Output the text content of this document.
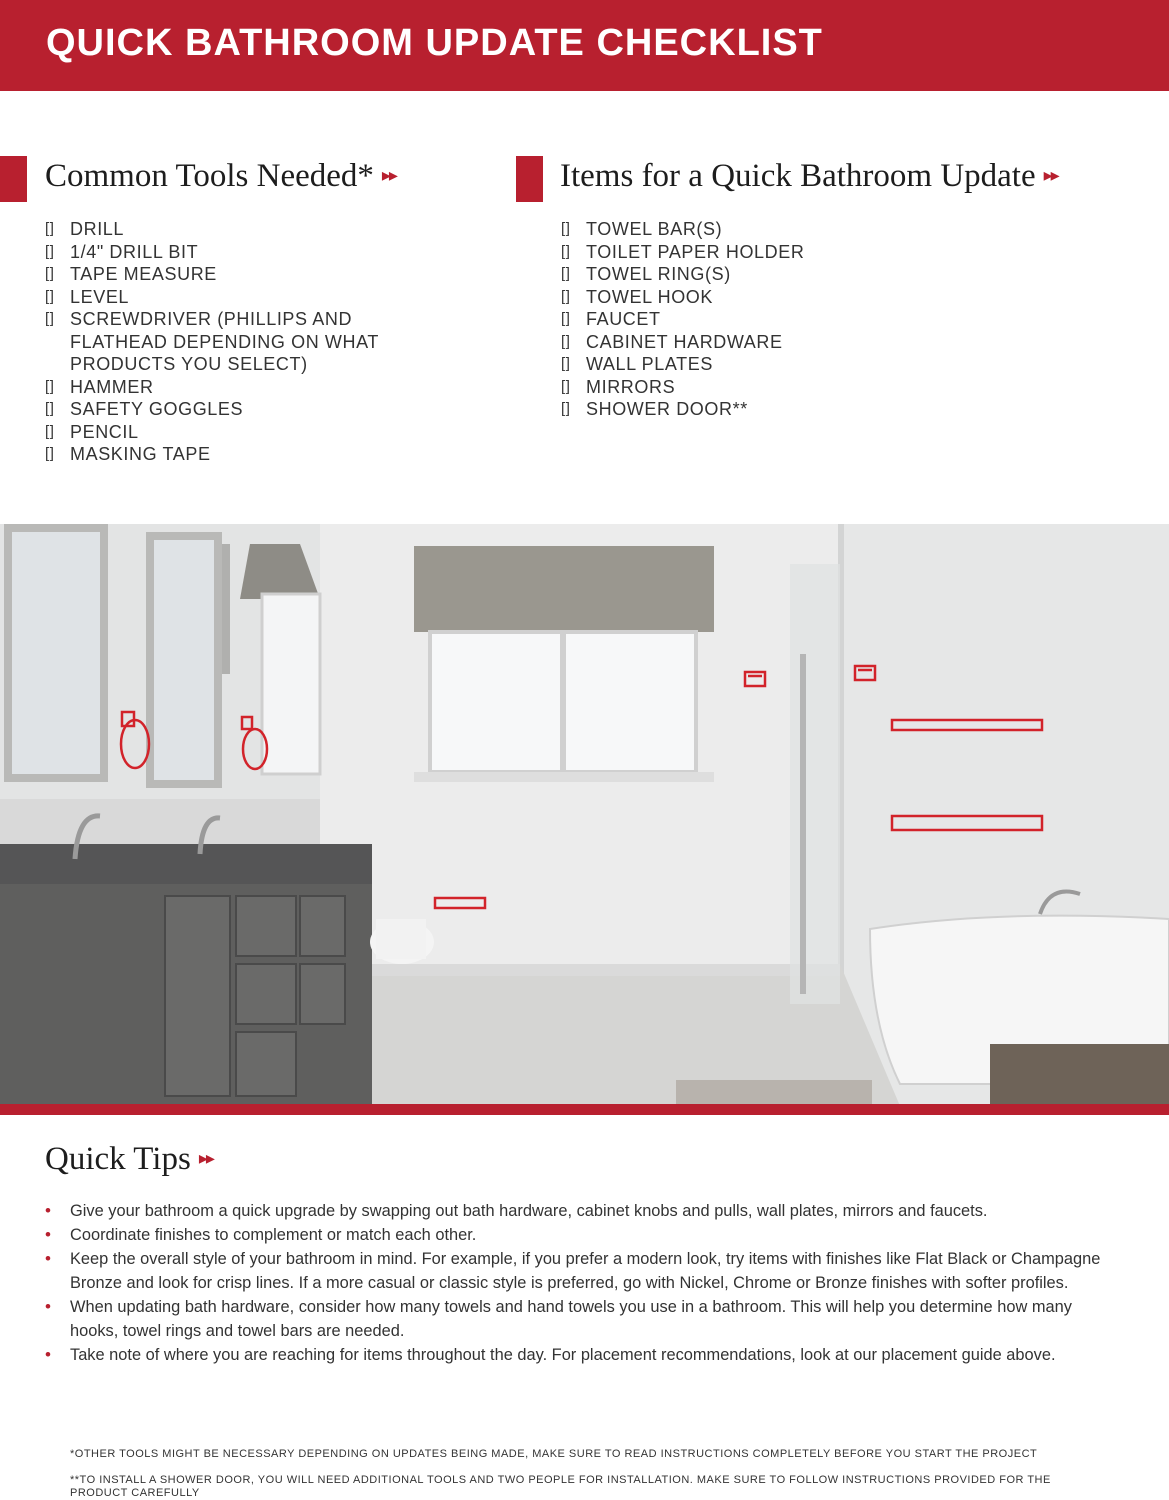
QUICK BATHROOM UPDATE CHECKLIST
Common Tools Needed* ▸▸
[] DRILL
[] 1/4" DRILL BIT
[] TAPE MEASURE
[] LEVEL
[] SCREWDRIVER (PHILLIPS AND
FLATHEAD DEPENDING ON WHAT
PRODUCTS YOU SELECT)
[] HAMMER
[] SAFETY GOGGLES
[] PENCIL
[] MASKING TAPE
Items for a Quick Bathroom Update ▸▸
[] TOWEL BAR(S)
[] TOILET PAPER HOLDER
[] TOWEL RING(S)
[] TOWEL HOOK
[] FAUCET
[] CABINET HARDWARE
[] WALL PLATES
[] MIRRORS
[] SHOWER DOOR**
Quick Tips ▸▸
• Give your bathroom a quick upgrade by swapping out bath hardware, cabinet knobs and pulls, wall plates, mirrors and faucets.
• Coordinate finishes to complement or match each other.
• Keep the overall style of your bathroom in mind. For example, if you prefer a modern look, try items with finishes like Flat Black or Champagne Bronze and look for crisp lines. If a more casual or classic style is preferred, go with Nickel, Chrome or Bronze finishes with softer profiles.
• When updating bath hardware, consider how many towels and hand towels you use in a bathroom. This will help you determine how many hooks, towel rings and towel bars are needed.
• Take note of where you are reaching for items throughout the day. For placement recommendations, look at our placement guide above.
*OTHER TOOLS MIGHT BE NECESSARY DEPENDING ON UPDATES BEING MADE, MAKE SURE TO READ INSTRUCTIONS COMPLETELY BEFORE YOU START THE PROJECT
**TO INSTALL A SHOWER DOOR, YOU WILL NEED ADDITIONAL TOOLS AND TWO PEOPLE FOR INSTALLATION. MAKE SURE TO FOLLOW INSTRUCTIONS PROVIDED FOR THE PRODUCT CAREFULLY
